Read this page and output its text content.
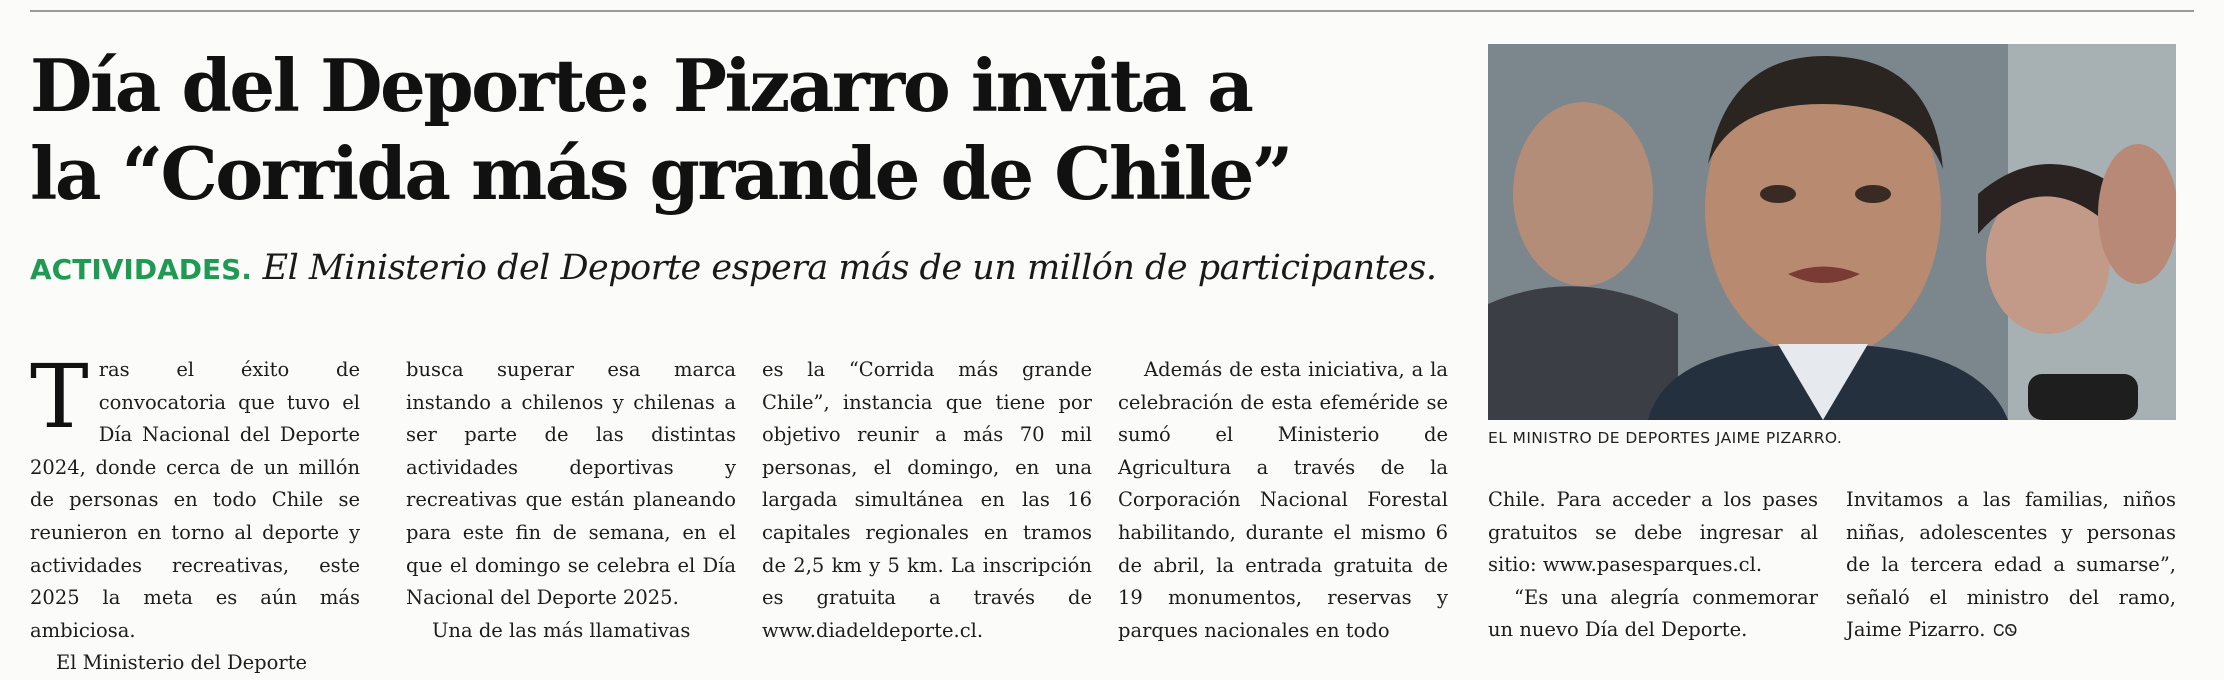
Día del Deporte: Pizarro invita a
la “Corrida más grande de Chile”
ACTIVIDADES. El Ministerio del Deporte espera más de un millón de participantes.
T ras el éxito de convocatoria que tuvo el Día Nacional del Deporte 2024, donde cerca de un millón de personas en todo Chile se reunieron en torno al deporte y actividades recreativas, este 2025 la meta es aún más ambiciosa.

El Ministerio del Deporte

busca superar esa marca instando a chilenos y chilenas a ser parte de las distintas actividades deportivas y recreativas que están planeando para este fin de semana, en el que el domingo se celebra el Día Nacional del Deporte 2025.

Una de las más llamativas

es la “Corrida más grande Chile”, instancia que tiene por objetivo reunir a más 70 mil personas, el domingo, en una largada simultánea en las 16 capitales regionales en tramos de 2,5 km y 5 km. La inscripción es gratuita a través de www.diadeldeporte.cl.

Además de esta iniciativa, a la celebración de esta efeméride se sumó el Ministerio de Agricultura a través de la Corporación Nacional Forestal habilitando, durante el mismo 6 de abril, la entrada gratuita de 19 monumentos, reservas y parques nacionales en todo

EL MINISTRO DE DEPORTES JAIME PIZARRO.

Chile. Para acceder a los pases gratuitos se debe ingresar al sitio: www.pasesparques.cl.

“Es una alegría conmemorar un nuevo Día del Deporte.

Invitamos a las familias, niños niñas, adolescentes y personas de la tercera edad a sumarse”, señaló el ministro del ramo, Jaime Pizarro. ᏟᏫ
